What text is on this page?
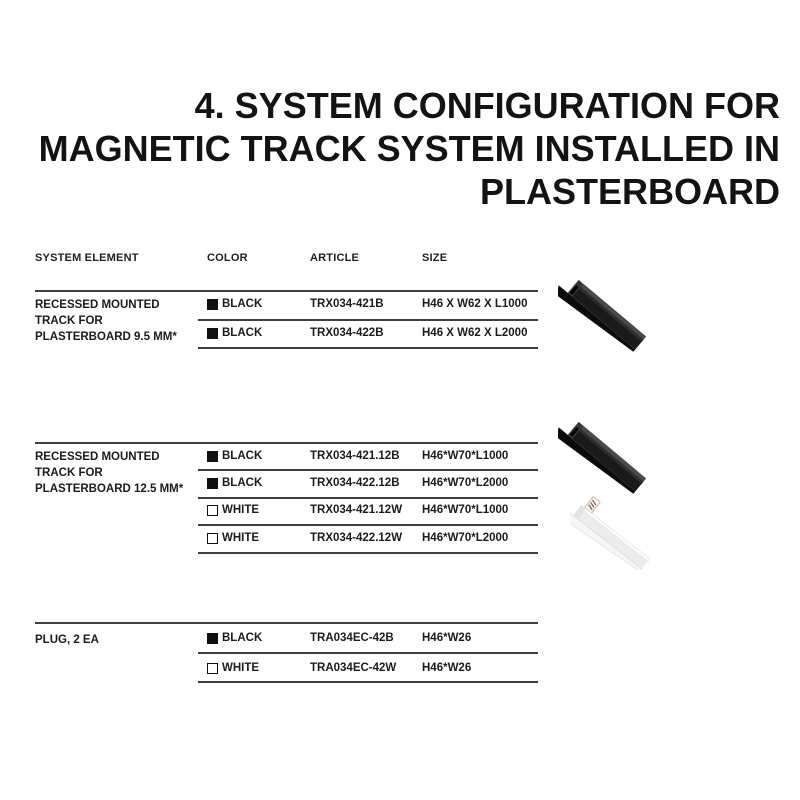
4. SYSTEM CONFIGURATION FOR
MAGNETIC TRACK SYSTEM INSTALLED IN
PLASTERBOARD
SYSTEM ELEMENT	COLOR	ARTICLE	SIZE
RECESSED MOUNTED
TRACK FOR
PLASTERBOARD 9.5 MM*
BLACK	TRX034-421B	H46 X W62 X L1000
BLACK	TRX034-422B	H46 X W62 X L2000
RECESSED MOUNTED
TRACK FOR
PLASTERBOARD 12.5 MM*
BLACK	TRX034-421.12B H46*W70*L1000
BLACK	TRX034-422.12B H46*W70*L2000
WHITE	TRX034-421.12W H46*W70*L1000
WHITE	TRX034-422.12W H46*W70*L2000
PLUG, 2 EA	BLACK	TRA034EC-42B H46*W26
WHITE	TRA034EC-42W H46*W26
